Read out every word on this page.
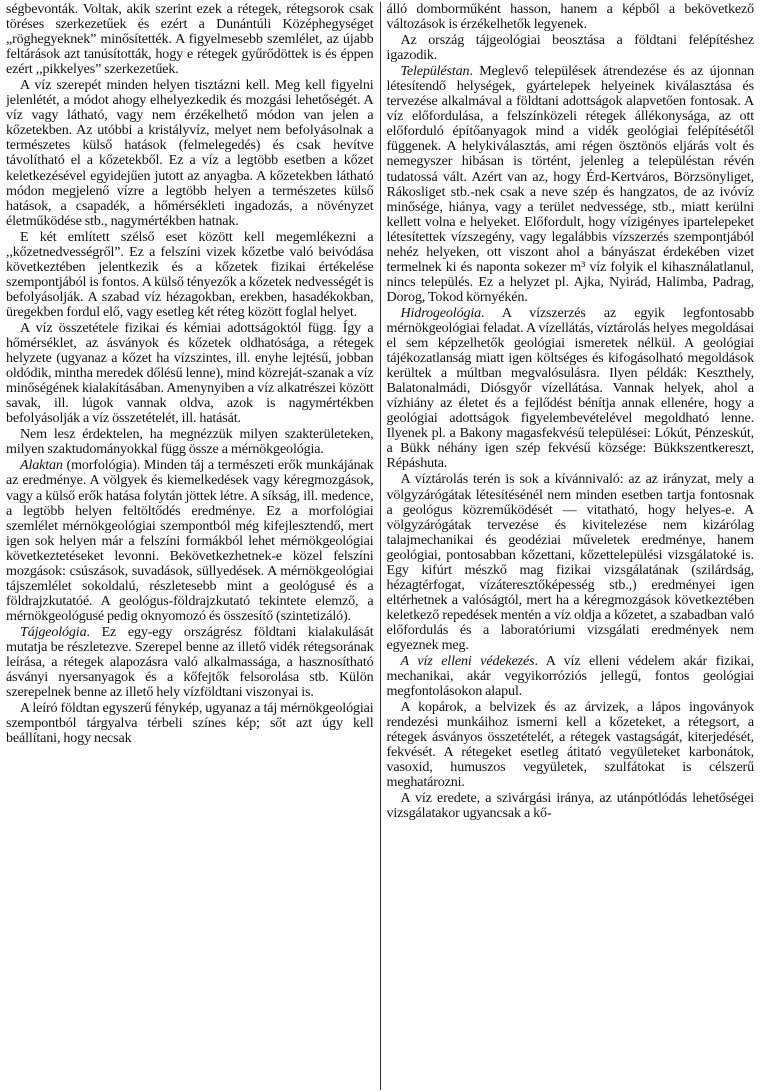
ségbevonták. Voltak, akik szerint ezek a rétegek, rétegsorok csak töréses szerkezetűek és ezért a Dunántúli Középhegységet „röghegyeknek” minősítették. A figyelmesebb szemlélet, az újabb feltárások azt tanúsították, hogy e rétegek gyűrődöttek is és éppen ezért ,,pikkelyes” szerkezetűek.

A víz szerepét minden helyen tisztázni kell. Meg kell figyelni jelenlétét, a módot ahogy elhelyezkedik és mozgási lehetőségét. A víz vagy látható, vagy nem érzékelhető módon van jelen a kőzetekben. Az utóbbi a kristályvíz, melyet nem befolyásolnak a természetes külső hatások (felmelegedés) és csak hevítve távolítható el a kőzetekből. Ez a víz a legtöbb esetben a kőzet keletkezésével egyidejűen jutott az anyagba. A kőzetekben látható módon megjelenő vízre a legtöbb helyen a természetes külső hatások, a csapadék, a hőmérsékleti ingadozás, a növényzet életműködése stb., nagymértékben hatnak.

E két említett szélső eset között kell megemlékezni a ,,kőzetnedvességről”. Ez a felszíni vizek kőzetbe való beivódása következtében jelentkezik és a kőzetek fizikai értékelése szempontjából is fontos. A külső tényezők a kőzetek nedvességét is befolyásolják. A szabad víz hézagokban, erekben, hasadékokban, üregekben fordul elő, vagy esetleg két réteg között foglal helyet.

A víz összetétele fizikai és kémiai adottságoktól függ. Így a hőmérséklet, az ásványok és kőzetek oldhatósága, a rétegek helyzete (ugyanaz a kőzet ha vízszintes, ill. enyhe lejtésű, jobban oldódik, mintha meredek dőlésű lenne), mind közreját-szanak a víz minőségének kialakításában. Amenynyiben a víz alkatrészei között savak, ill. lúgok vannak oldva, azok is nagymértékben befolyásolják a víz összetételét, ill. hatását.

Nem lesz érdektelen, ha megnézzük milyen szakterületeken, milyen szaktudományokkal függ össze a mérnökgeológia.

Alaktan (morfológia). Minden táj a természeti erők munkájának az eredménye. A völgyek és kiemelkedések vagy kéregmozgások, vagy a külső erők hatása folytán jöttek létre. A síkság, ill. medence, a legtöbb helyen feltöltődés eredménye. Ez a morfológiai szemlélet mérnökgeológiai szempontból még kifejlesztendő, mert igen sok helyen már a felszíni formákból lehet mérnökgeológiai következtetéseket levonni. Bekövetkezhetnek-e közel felszíni mozgások: csúszások, suvadások, süllyedések. A mérnökgeológiai tájszemlélet sokoldalú, részletesebb mint a geológusé és a földrajzkutatóé. A geológus-földrajzkutató tekintete elemző, a mérnökgeológusé pedig oknyomozó és összesítő (szintetizáló).

Tájgeológia. Ez egy-egy országrész földtani kialakulását mutatja be részletezve. Szerepel benne az illető vidék rétegsorának leírása, a rétegek alapozásra való alkalmassága, a hasznosítható ásványi nyersanyagok és a kőfejtők felsorolása stb. Külön szerepelnek benne az illető hely vízföldtani viszonyai is.

A leíró földtan egyszerű fénykép, ugyanaz a táj mérnökgeológiai szempontból tárgyalva térbeli színes kép; sőt azt úgy kell beállítani, hogy necsak

álló domborműként hasson, hanem a képből a bekövetkező változások is érzékelhetők legyenek.

Az ország tájgeológiai beosztása a földtani felépítéshez igazodik.

Településtan. Meglevő települések átrendezése és az újonnan létesítendő helységek, gyártelepek helyeinek kiválasztása és tervezése alkalmával a földtani adottságok alapvetően fontosak. A víz előfordulása, a felszínközeli rétegek állékonysága, az ott előforduló építőanyagok mind a vidék geológiai felépítésétől függenek. A helykiválasztás, ami régen ösztönös eljárás volt és nemegyszer hibásan is történt, jelenleg a településtan révén tudatossá vált. Azért van az, hogy Érd-Kertváros, Börzsönyliget, Rákosliget stb.-nek csak a neve szép és hangzatos, de az ivóvíz minősége, hiánya, vagy a terület nedvessége, stb., miatt kerülni kellett volna e helyeket. Előfordult, hogy vízigényes ipartelepeket létesítettek vízszegény, vagy legalábbis vízszerzés szempontjából nehéz helyeken, ott viszont ahol a bányászat érdekében vizet termelnek ki és naponta sokezer m³ víz folyik el kihasználatlanul, nincs település. Ez a helyzet pl. Ajka, Nyirád, Halimba, Padrag, Dorog, Tokod környékén.

Hidrogeológia. A vízszerzés az egyik legfontosabb mérnökgeológiai feladat. A vízellátás, víztárolás helyes megoldásai el sem képzelhetők geológiai ismeretek nélkül. A geológiai tájékozatlanság miatt igen költséges és kifogásolható megoldások kerültek a múltban megvalósulásra. Ilyen példák: Keszthely, Balatonalmádi, Diósgyőr vízellátása. Vannak helyek, ahol a vízhiány az életet és a fejlődést bénítja annak ellenére, hogy a geológiai adottságok figyelembevételével megoldható lenne. Ilyenek pl. a Bakony magasfekvésű települései: Lókút, Pénzeskút, a Bükk néhány igen szép fekvésű községe: Bükkszentkereszt, Répáshuta.

A víztárolás terén is sok a kívánnivaló: az az irányzat, mely a völgyzárógátak létesítésénél nem minden esetben tartja fontosnak a geológus közreműködését — vitatható, hogy helyes-e. A völgyzárógátak tervezése és kivitelezése nem kizárólag talajmechanikai és geodéziai műveletek eredménye, hanem geológiai, pontosabban kőzettani, kőzettelepülési vizsgálatoké is. Egy kifúrt mészkő mag fizikai vizsgálatának (szilárdság, hézagtérfogat, vízáteresztőképesség stb.,) eredményei igen eltérhetnek a valóságtól, mert ha a kéregmozgások következtében keletkező repedések mentén a víz oldja a kőzetet, a szabadban való előfordulás és a laboratóriumi vizsgálati eredmények nem egyeznek meg.

A víz elleni védekezés. A víz elleni védelem akár fizikai, mechanikai, akár vegyikorróziós jellegű, fontos geológiai megfontolásokon alapul.

A kopárok, a belvizek és az árvizek, a lápos ingoványok rendezési munkáihoz ismerni kell a kőzeteket, a rétegsort, a rétegek ásványos összetételét, a rétegek vastagságát, kiterjedését, fekvését. A rétegeket esetleg átitató vegyületeket karbonátok, vasoxid, humuszos vegyületek, szulfátokat is célszerű meghatározni.

A víz eredete, a szivárgási iránya, az utánpótlódás lehetőségei vizsgálatakor ugyancsak a kő-
